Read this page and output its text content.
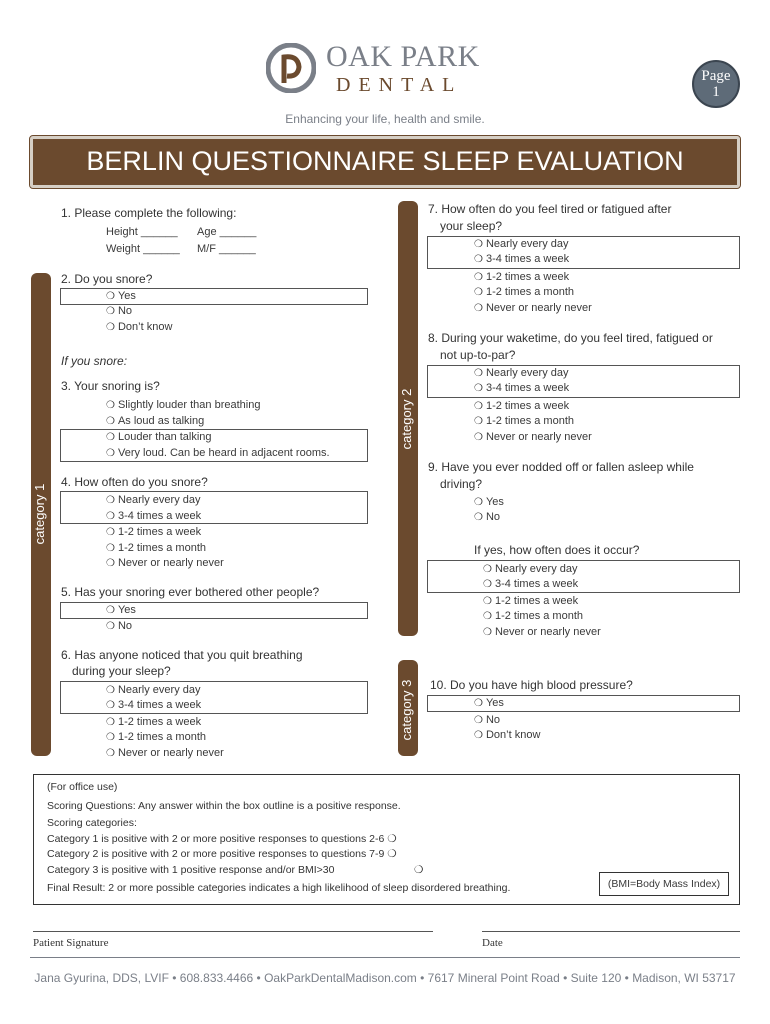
OAK PARK
DENTAL
Enhancing your life, health and smile.
Page
1
BERLIN QUESTIONNAIRE SLEEP EVALUATION
category 1
category 2
category 3
1. Please complete the following:
Height ______ Age ______
Weight ______ M/F ______
2. Do you snore?
❍ Yes
❍ No
❍ Don’t know
If you snore:
3. Your snoring is?
❍ Slightly louder than breathing
❍ As loud as talking
❍ Louder than talking
❍ Very loud. Can be heard in adjacent rooms.
4. How often do you snore?
❍ Nearly every day
❍ 3-4 times a week
❍ 1-2 times a week
❍ 1-2 times a month
❍ Never or nearly never
5. Has your snoring ever bothered other people?
❍ Yes
❍ No
6. Has anyone noticed that you quit breathing
during your sleep?
❍ Nearly every day
❍ 3-4 times a week
❍ 1-2 times a week
❍ 1-2 times a month
❍ Never or nearly never
7. How often do you feel tired or fatigued after
your sleep?
❍ Nearly every day
❍ 3-4 times a week
❍ 1-2 times a week
❍ 1-2 times a month
❍ Never or nearly never
8. During your waketime, do you feel tired, fatigued or
not up-to-par?
❍ Nearly every day
❍ 3-4 times a week
❍ 1-2 times a week
❍ 1-2 times a month
❍ Never or nearly never
9. Have you ever nodded off or fallen asleep while
driving?
❍ Yes
❍ No
If yes, how often does it occur?
❍ Nearly every day
❍ 3-4 times a week
❍ 1-2 times a week
❍ 1-2 times a month
❍ Never or nearly never
10. Do you have high blood pressure?
❍ Yes
❍ No
❍ Don’t know
(For office use)
Scoring Questions: Any answer within the box outline is a positive response.
Scoring categories:
Category 1 is positive with 2 or more positive responses to questions 2-6 ❍
Category 2 is positive with 2 or more positive responses to questions 7-9 ❍
Category 3 is positive with 1 positive response and/or BMI>30	❍
Final Result: 2 or more possible categories indicates a high likelihood of sleep disordered breathing.	(BMI=Body Mass Index)
Patient Signature	Date
Jana Gyurina, DDS, LVIF • 608.833.4466 • OakParkDentalMadison.com • 7617 Mineral Point Road • Suite 120 • Madison, WI 53717
